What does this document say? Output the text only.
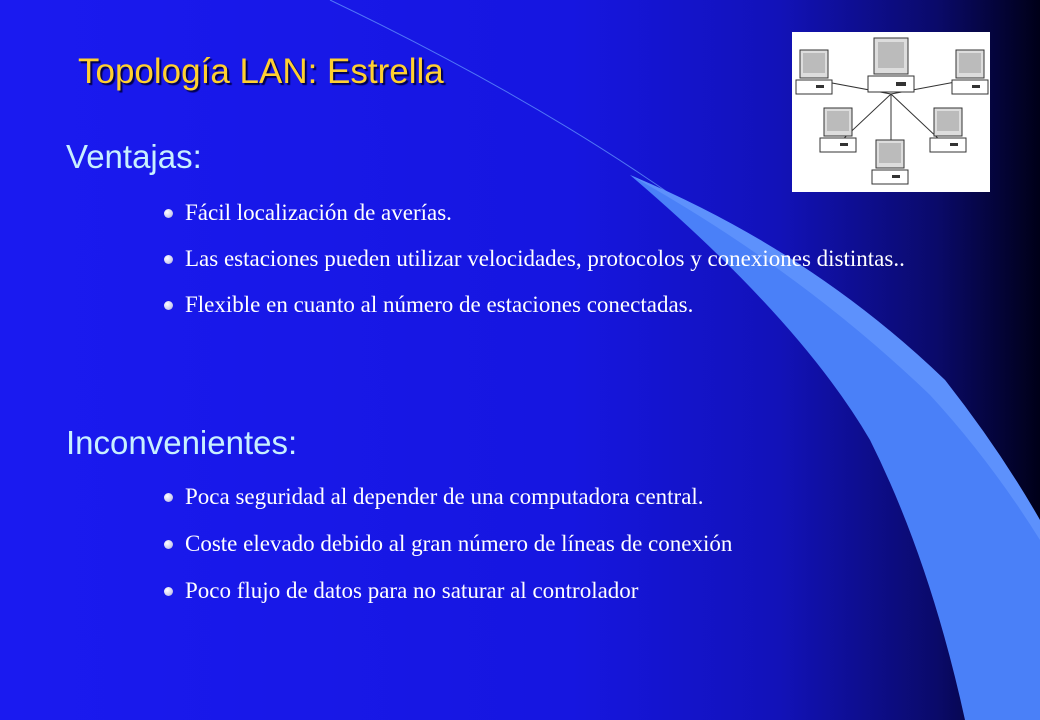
Topología LAN: Estrella
Ventajas:
Fácil localización de averías.
Las estaciones pueden utilizar velocidades, protocolos y conexiones distintas..
Flexible en cuanto al número de estaciones conectadas.
Inconvenientes:
Poca seguridad al depender de una computadora central.
Coste elevado debido al gran número de líneas de conexión
Poco flujo de datos para no saturar al controlador
